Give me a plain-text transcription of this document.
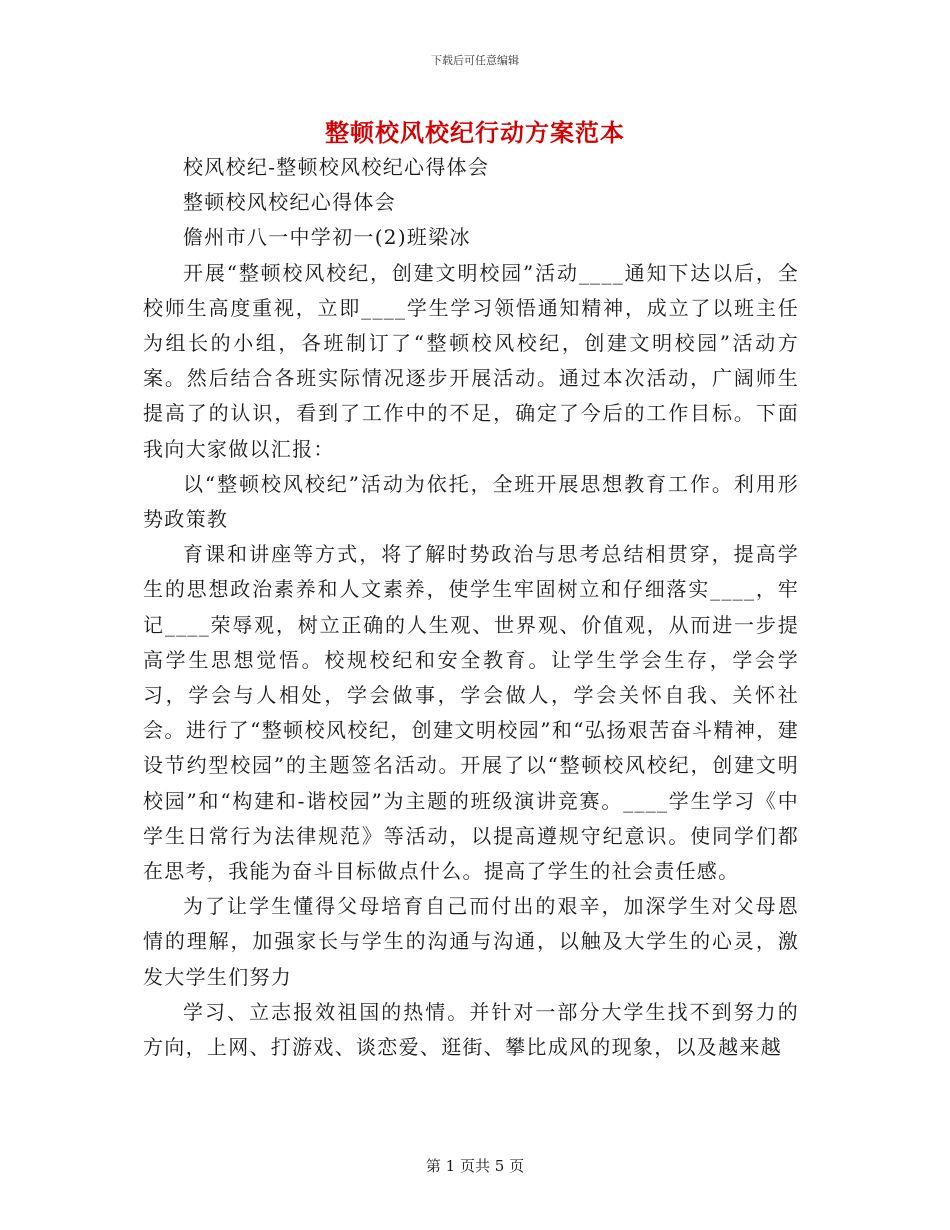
下载后可任意编辑
整顿校风校纪行动方案范本

校风校纪-整顿校风校纪心得体会

整顿校风校纪心得体会

儋州市八一中学初一(2)班梁冰

开展“整顿校风校纪，创建文明校园”活动____通知下达以后，全校师生高度重视，立即____学生学习领悟通知精神，成立了以班主任为组长的小组，各班制订了“整顿校风校纪，创建文明校园”活动方案。然后结合各班实际情况逐步开展活动。通过本次活动，广阔师生提高了的认识，看到了工作中的不足，确定了今后的工作目标。下面我向大家做以汇报：

以“整顿校风校纪”活动为依托，全班开展思想教育工作。利用形势政策教

育课和讲座等方式，将了解时势政治与思考总结相贯穿，提高学生的思想政治素养和人文素养，使学生牢固树立和仔细落实____，牢记____荣辱观，树立正确的人生观、世界观、价值观，从而进一步提高学生思想觉悟。校规校纪和安全教育。让学生学会生存，学会学习，学会与人相处，学会做事，学会做人，学会关怀自我、关怀社会。进行了“整顿校风校纪，创建文明校园”和“弘扬艰苦奋斗精神，建设节约型校园”的主题签名活动。开展了以“整顿校风校纪，创建文明校园”和“构建和-谐校园”为主题的班级演讲竞赛。____学生学习《中学生日常行为法律规范》等活动，以提高遵规守纪意识。使同学们都在思考，我能为奋斗目标做点什么。提高了学生的社会责任感。

为了让学生懂得父母培育自己而付出的艰辛，加深学生对父母恩情的理解，加强家长与学生的沟通与沟通，以触及大学生的心灵，激发大学生们努力

学习、立志报效祖国的热情。并针对一部分大学生找不到努力的方向，上网、打游戏、谈恋爱、逛街、攀比成风的现象，以及越来越

第 1 页共 5 页
